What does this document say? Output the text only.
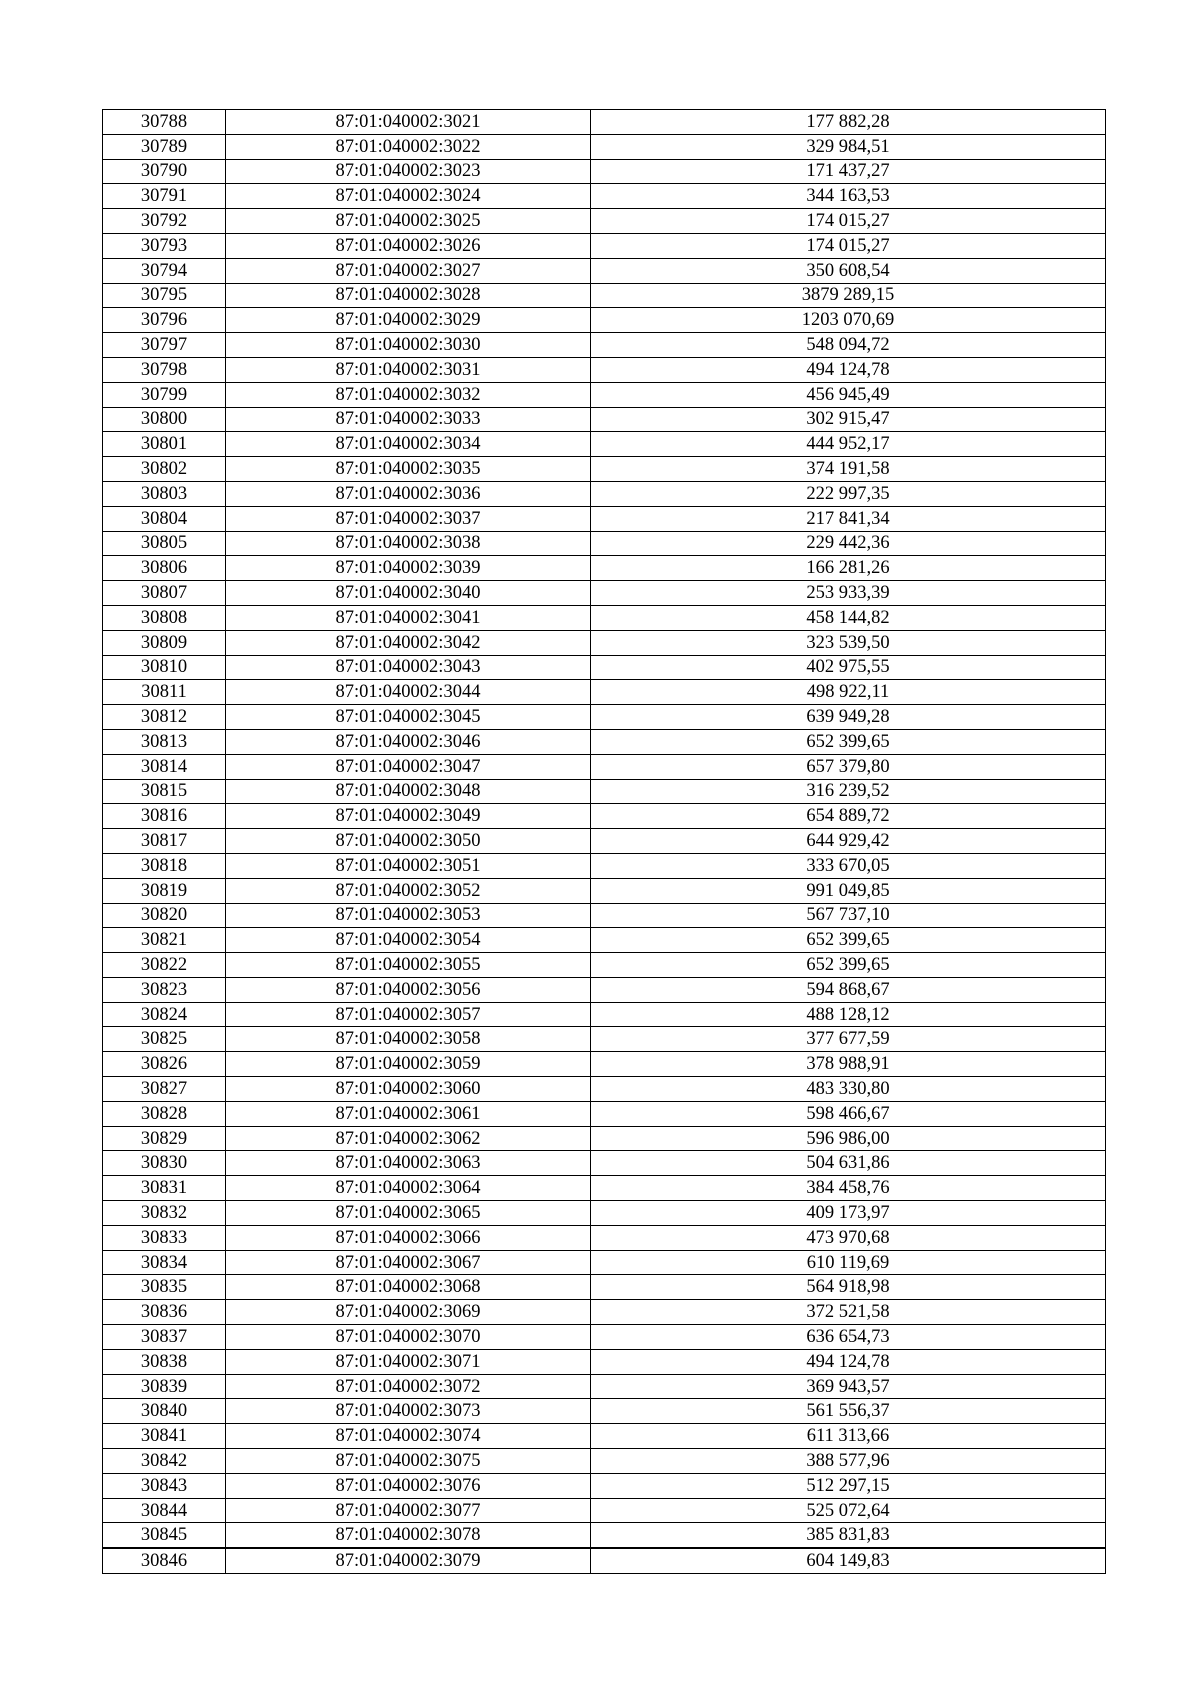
30788	87:01:040002:3021	177 882,28
30789	87:01:040002:3022	329 984,51
30790	87:01:040002:3023	171 437,27
30791	87:01:040002:3024	344 163,53
30792	87:01:040002:3025	174 015,27
30793	87:01:040002:3026	174 015,27
30794	87:01:040002:3027	350 608,54
30795	87:01:040002:3028	3879 289,15
30796	87:01:040002:3029	1203 070,69
30797	87:01:040002:3030	548 094,72
30798	87:01:040002:3031	494 124,78
30799	87:01:040002:3032	456 945,49
30800	87:01:040002:3033	302 915,47
30801	87:01:040002:3034	444 952,17
30802	87:01:040002:3035	374 191,58
30803	87:01:040002:3036	222 997,35
30804	87:01:040002:3037	217 841,34
30805	87:01:040002:3038	229 442,36
30806	87:01:040002:3039	166 281,26
30807	87:01:040002:3040	253 933,39
30808	87:01:040002:3041	458 144,82
30809	87:01:040002:3042	323 539,50
30810	87:01:040002:3043	402 975,55
30811	87:01:040002:3044	498 922,11
30812	87:01:040002:3045	639 949,28
30813	87:01:040002:3046	652 399,65
30814	87:01:040002:3047	657 379,80
30815	87:01:040002:3048	316 239,52
30816	87:01:040002:3049	654 889,72
30817	87:01:040002:3050	644 929,42
30818	87:01:040002:3051	333 670,05
30819	87:01:040002:3052	991 049,85
30820	87:01:040002:3053	567 737,10
30821	87:01:040002:3054	652 399,65
30822	87:01:040002:3055	652 399,65
30823	87:01:040002:3056	594 868,67
30824	87:01:040002:3057	488 128,12
30825	87:01:040002:3058	377 677,59
30826	87:01:040002:3059	378 988,91
30827	87:01:040002:3060	483 330,80
30828	87:01:040002:3061	598 466,67
30829	87:01:040002:3062	596 986,00
30830	87:01:040002:3063	504 631,86
30831	87:01:040002:3064	384 458,76
30832	87:01:040002:3065	409 173,97
30833	87:01:040002:3066	473 970,68
30834	87:01:040002:3067	610 119,69
30835	87:01:040002:3068	564 918,98
30836	87:01:040002:3069	372 521,58
30837	87:01:040002:3070	636 654,73
30838	87:01:040002:3071	494 124,78
30839	87:01:040002:3072	369 943,57
30840	87:01:040002:3073	561 556,37
30841	87:01:040002:3074	611 313,66
30842	87:01:040002:3075	388 577,96
30843	87:01:040002:3076	512 297,15
30844	87:01:040002:3077	525 072,64
30845	87:01:040002:3078	385 831,83
30846	87:01:040002:3079	604 149,83
